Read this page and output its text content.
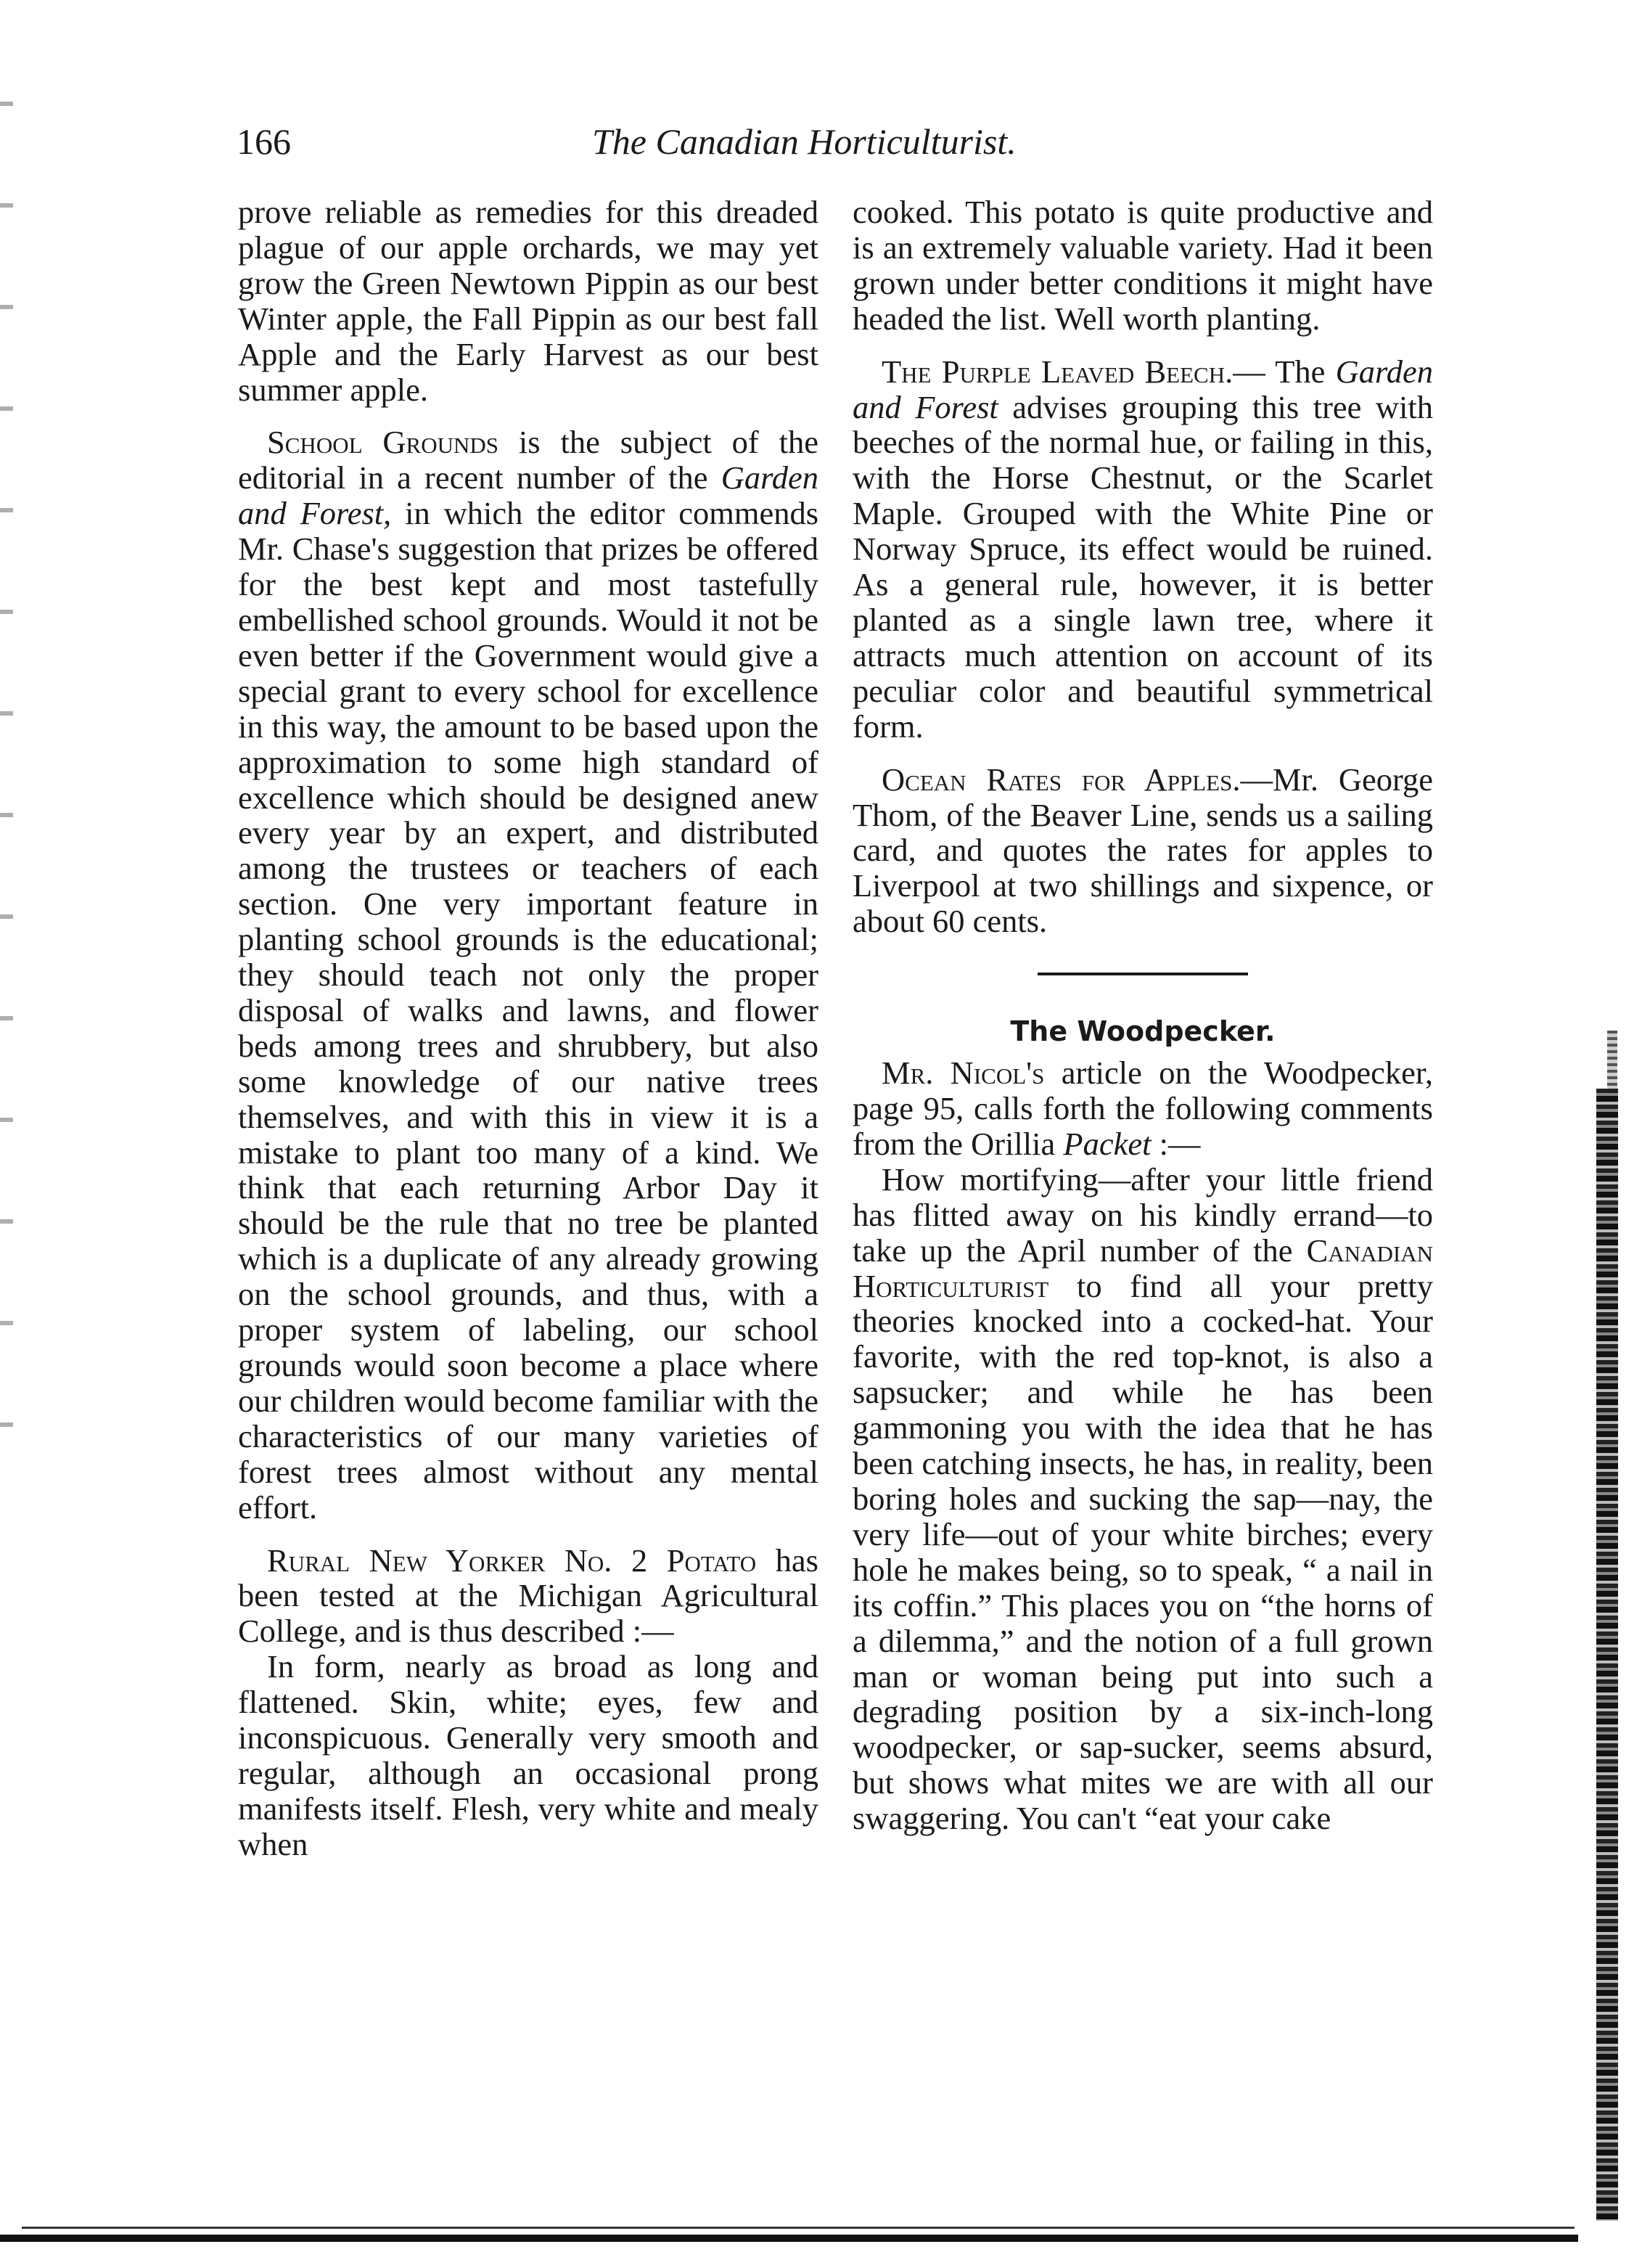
166	The Canadian Horticulturist.

prove reliable as remedies for this dreaded plague of our apple orchards, we may yet grow the Green Newtown Pippin as our best Winter apple, the Fall Pippin as our best fall Apple and the Early Harvest as our best summer apple.

School Grounds is the subject of the editorial in a recent number of the Garden and Forest, in which the editor commends Mr. Chase's suggestion that prizes be offered for the best kept and most tastefully embellished school grounds. Would it not be even better if the Government would give a special grant to every school for excellence in this way, the amount to be based upon the approximation to some high standard of excellence which should be designed anew every year by an expert, and distributed among the trustees or teachers of each section. One very important feature in planting school grounds is the educational; they should teach not only the proper disposal of walks and lawns, and flower beds among trees and shrubbery, but also some knowledge of our native trees themselves, and with this in view it is a mistake to plant too many of a kind. We think that each returning Arbor Day it should be the rule that no tree be planted which is a duplicate of any already growing on the school grounds, and thus, with a proper system of labeling, our school grounds would soon become a place where our children would become familiar with the characteristics of our many varieties of forest trees almost without any mental effort.

Rural New Yorker No. 2 Potato has been tested at the Michigan Agricultural College, and is thus described :—

In form, nearly as broad as long and flattened. Skin, white; eyes, few and inconspicuous. Generally very smooth and regular, although an occasional prong manifests itself. Flesh, very white and mealy when

cooked. This potato is quite productive and is an extremely valuable variety. Had it been grown under better conditions it might have headed the list. Well worth planting.

The Purple Leaved Beech.— The Garden and Forest advises grouping this tree with beeches of the normal hue, or failing in this, with the Horse Chestnut, or the Scarlet Maple. Grouped with the White Pine or Norway Spruce, its effect would be ruined. As a general rule, however, it is better planted as a single lawn tree, where it attracts much attention on account of its peculiar color and beautiful symmetrical form.

Ocean Rates for Apples.—Mr. George Thom, of the Beaver Line, sends us a sailing card, and quotes the rates for apples to Liverpool at two shillings and sixpence, or about 60 cents.

The Woodpecker.

Mr. Nicol's article on the Woodpecker, page 95, calls forth the following comments from the Orillia Packet :—

How mortifying—after your little friend has flitted away on his kindly errand—to take up the April number of the Canadian Horticulturist to find all your pretty theories knocked into a cocked-hat. Your favorite, with the red top-knot, is also a sapsucker; and while he has been gammoning you with the idea that he has been catching insects, he has, in reality, been boring holes and sucking the sap—nay, the very life—out of your white birches; every hole he makes being, so to speak, “ a nail in its coffin.” This places you on “the horns of a dilemma,” and the notion of a full grown man or woman being put into such a degrading position by a six-inch-long woodpecker, or sap-sucker, seems absurd, but shows what mites we are with all our swaggering. You can't “eat your cake
